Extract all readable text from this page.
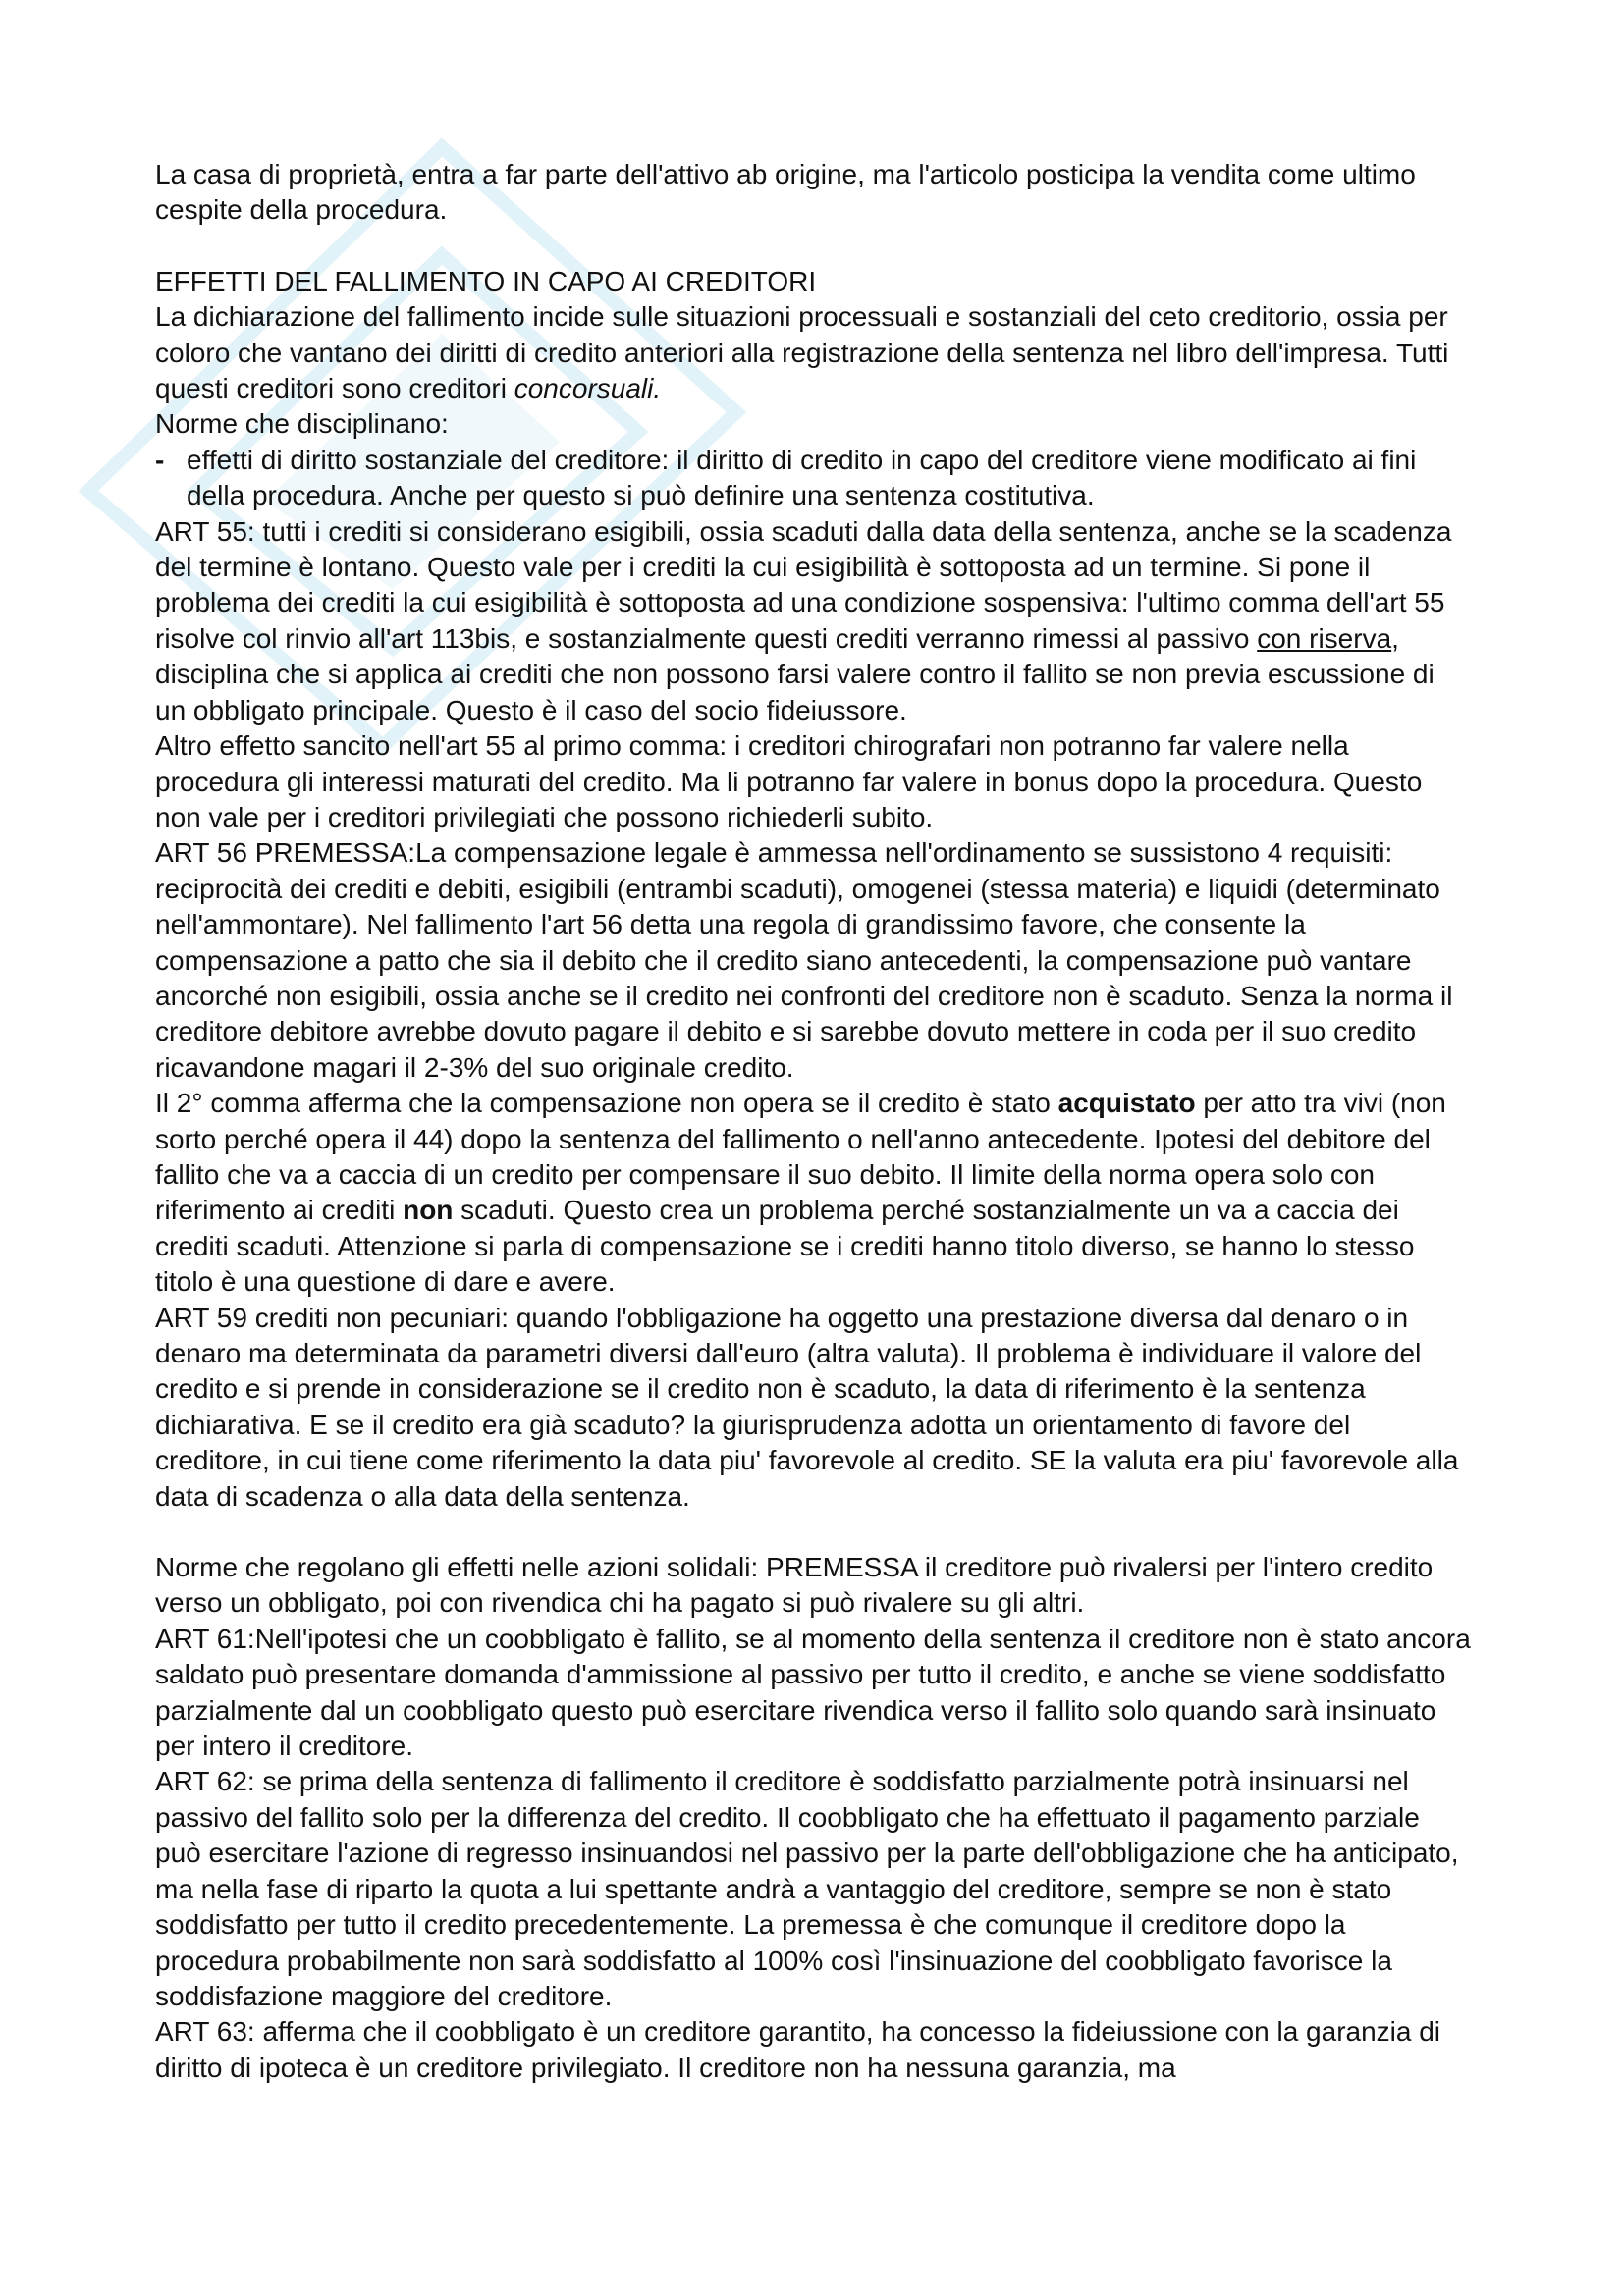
La casa di proprietà, entra a far parte dell'attivo ab origine, ma l'articolo posticipa la vendita come ultimo cespite della procedura.

EFFETTI DEL FALLIMENTO IN CAPO AI CREDITORI

La dichiarazione del fallimento incide sulle situazioni processuali e sostanziali del ceto creditorio, ossia per coloro che vantano dei diritti di credito anteriori alla registrazione della sentenza nel libro dell'impresa. Tutti questi creditori sono creditori concorsuali.

Norme che disciplinano:

- effetti di diritto sostanziale del creditore: il diritto di credito in capo del creditore viene modificato ai fini della procedura. Anche per questo si può definire una sentenza costitutiva.

ART 55: tutti i crediti si considerano esigibili, ossia scaduti dalla data della sentenza, anche se la scadenza del termine è lontano. Questo vale per i crediti la cui esigibilità è sottoposta ad un termine. Si pone il problema dei crediti la cui esigibilità è sottoposta ad una condizione sospensiva: l'ultimo comma dell'art 55 risolve col rinvio all'art 113bis, e sostanzialmente questi crediti verranno rimessi al passivo con riserva, disciplina che si applica ai crediti che non possono farsi valere contro il fallito se non previa escussione di un obbligato principale. Questo è il caso del socio fideiussore.

Altro effetto sancito nell'art 55 al primo comma: i creditori chirografari non potranno far valere nella procedura gli interessi maturati del credito. Ma li potranno far valere in bonus dopo la procedura. Questo non vale per i creditori privilegiati che possono richiederli subito.

ART 56 PREMESSA:La compensazione legale è ammessa nell'ordinamento se sussistono 4 requisiti: reciprocità dei crediti e debiti, esigibili (entrambi scaduti), omogenei (stessa materia) e liquidi (determinato nell'ammontare). Nel fallimento l'art 56 detta una regola di grandissimo favore, che consente la compensazione a patto che sia il debito che il credito siano antecedenti, la compensazione può vantare ancorché non esigibili, ossia anche se il credito nei confronti del creditore non è scaduto. Senza la norma il creditore debitore avrebbe dovuto pagare il debito e si sarebbe dovuto mettere in coda per il suo credito ricavandone magari il 2-3% del suo originale credito.

Il 2° comma afferma che la compensazione non opera se il credito è stato acquistato per atto tra vivi (non sorto perché opera il 44) dopo la sentenza del fallimento o nell'anno antecedente. Ipotesi del debitore del fallito che va a caccia di un credito per compensare il suo debito. Il limite della norma opera solo con riferimento ai crediti non scaduti. Questo crea un problema perché sostanzialmente un va a caccia dei crediti scaduti. Attenzione si parla di compensazione se i crediti hanno titolo diverso, se hanno lo stesso titolo è una questione di dare e avere.

ART 59 crediti non pecuniari: quando l'obbligazione ha oggetto una prestazione diversa dal denaro o in denaro ma determinata da parametri diversi dall'euro (altra valuta). Il problema è individuare il valore del credito e si prende in considerazione se il credito non è scaduto, la data di riferimento è la sentenza dichiarativa. E se il credito era già scaduto? la giurisprudenza adotta un orientamento di favore del creditore, in cui tiene come riferimento la data piu' favorevole al credito. SE la valuta era piu' favorevole alla data di scadenza o alla data della sentenza.

Norme che regolano gli effetti nelle azioni solidali: PREMESSA il creditore può rivalersi per l'intero credito verso un obbligato, poi con rivendica chi ha pagato si può rivalere su gli altri.

ART 61:Nell'ipotesi che un coobbligato è fallito, se al momento della sentenza il creditore non è stato ancora saldato può presentare domanda d'ammissione al passivo per tutto il credito, e anche se viene soddisfatto parzialmente dal un coobbligato questo può esercitare rivendica verso il fallito solo quando sarà insinuato per intero il creditore.

ART 62: se prima della sentenza di fallimento il creditore è soddisfatto parzialmente potrà insinuarsi nel passivo del fallito solo per la differenza del credito. Il coobbligato che ha effettuato il pagamento parziale può esercitare l'azione di regresso insinuandosi nel passivo per la parte dell'obbligazione che ha anticipato, ma nella fase di riparto la quota a lui spettante andrà a vantaggio del creditore, sempre se non è stato soddisfatto per tutto il credito precedentemente. La premessa è che comunque il creditore dopo la procedura probabilmente non sarà soddisfatto al 100% così l'insinuazione del coobbligato favorisce la soddisfazione maggiore del creditore.

ART 63: afferma che il coobbligato è un creditore garantito, ha concesso la fideiussione con la garanzia di diritto di ipoteca è un creditore privilegiato. Il creditore non ha nessuna garanzia, ma
